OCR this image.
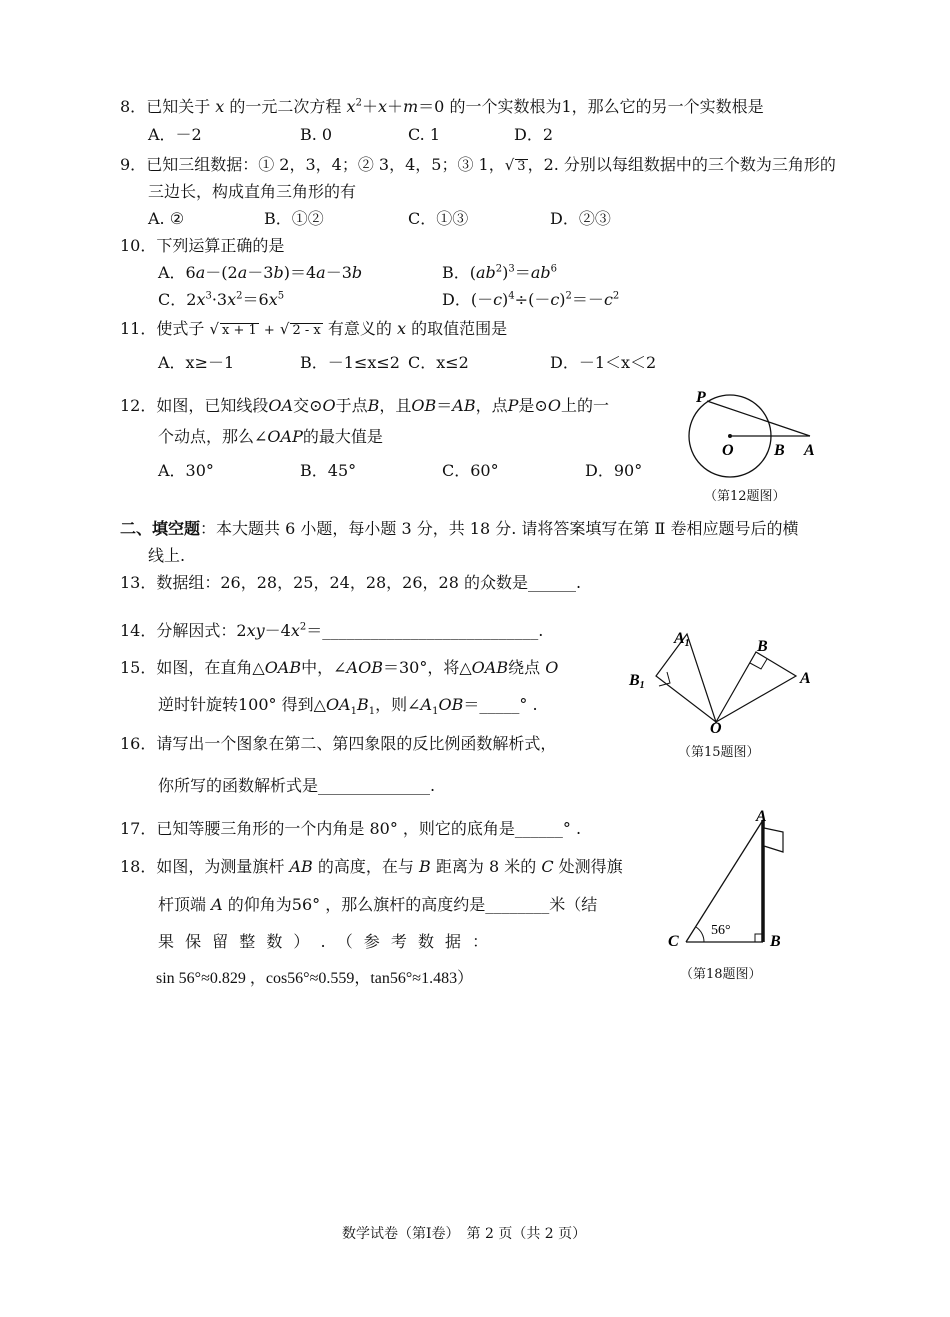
8．已知关于 x 的一元二次方程 $x^2+x+m=0$ 的一个实数根为1，那么它的另一个实数根是
A．－2	B. 0	C. 1	D．2
9．已知三组数据：① 2，3，4；② 3，4，5；③ 1，√ 3 ，2. 分别以每组数据中的三个数为三角形的
三边长，构成直角三角形的有
A. ②	B．①②	C．①③	D．②③
10．下列运算正确的是
A．6a－(2a－3b)＝4a－3b	B．$(ab^2)^3=ab^6$
C．$2x^3\cdot 3x^2=6x^5$	D．$(-c)^4\div(-c)^2=-c^2$
11．使式子 √ x + 1 + √ 2 - x 有意义的 x 的取值范围是
A．x≥－1	B．－1≤x≤2 C．x≤2	D．－1＜x＜2
12．如图，已知线段OA交⊙O于点B，且OB＝AB，点P是⊙O上的一
个动点，那么∠OAP的最大值是
A．30°	B．45°	C．60°	D．90°
P
O	B A
（第12题图）
二、填空题：本大题共 6 小题，每小题 3 分，共 18 分. 请将答案填写在第 Ⅱ 卷相应题号后的横
线上.
13．数据组：26，28，25，24，28，26，28 的众数是______.
14．分解因式：$2xy-4x^2=\_\_\_\_\_\_\_\_\_\_\_\_\_\_\_\_\_\_\_\_\_\_\_\_\_\_\_$.
15．如图，在直角△OAB中，∠AOB＝30°，将△OAB绕点 O
逆时针旋转100° 得到$\triangle OA_1B_1$，则$\angle A_1OB=\_\_\_\_\_^\circ$ .
A1
B1
B
A
O
（第15题图）
16．请写出一个图象在第二、第四象限的反比例函数解析式，
你所写的函数解析式是______________.
17．已知等腰三角形的一个内角是 80° ，则它的底角是______° .
18．如图，为测量旗杆 AB 的高度，在与 B 距离为 8 米的 C 处测得旗
杆顶端 A 的仰角为56° ，那么旗杆的高度约是________米（结
果 保 留 整 数 ） . （ 参 考 数 据 ：
sin 56°≈0.829 ，cos56°≈0.559，tan56°≈1.483）
A
C	B
56°
（第18题图）
数学试卷（第Ⅰ卷）　第 2 页（共 2 页）
